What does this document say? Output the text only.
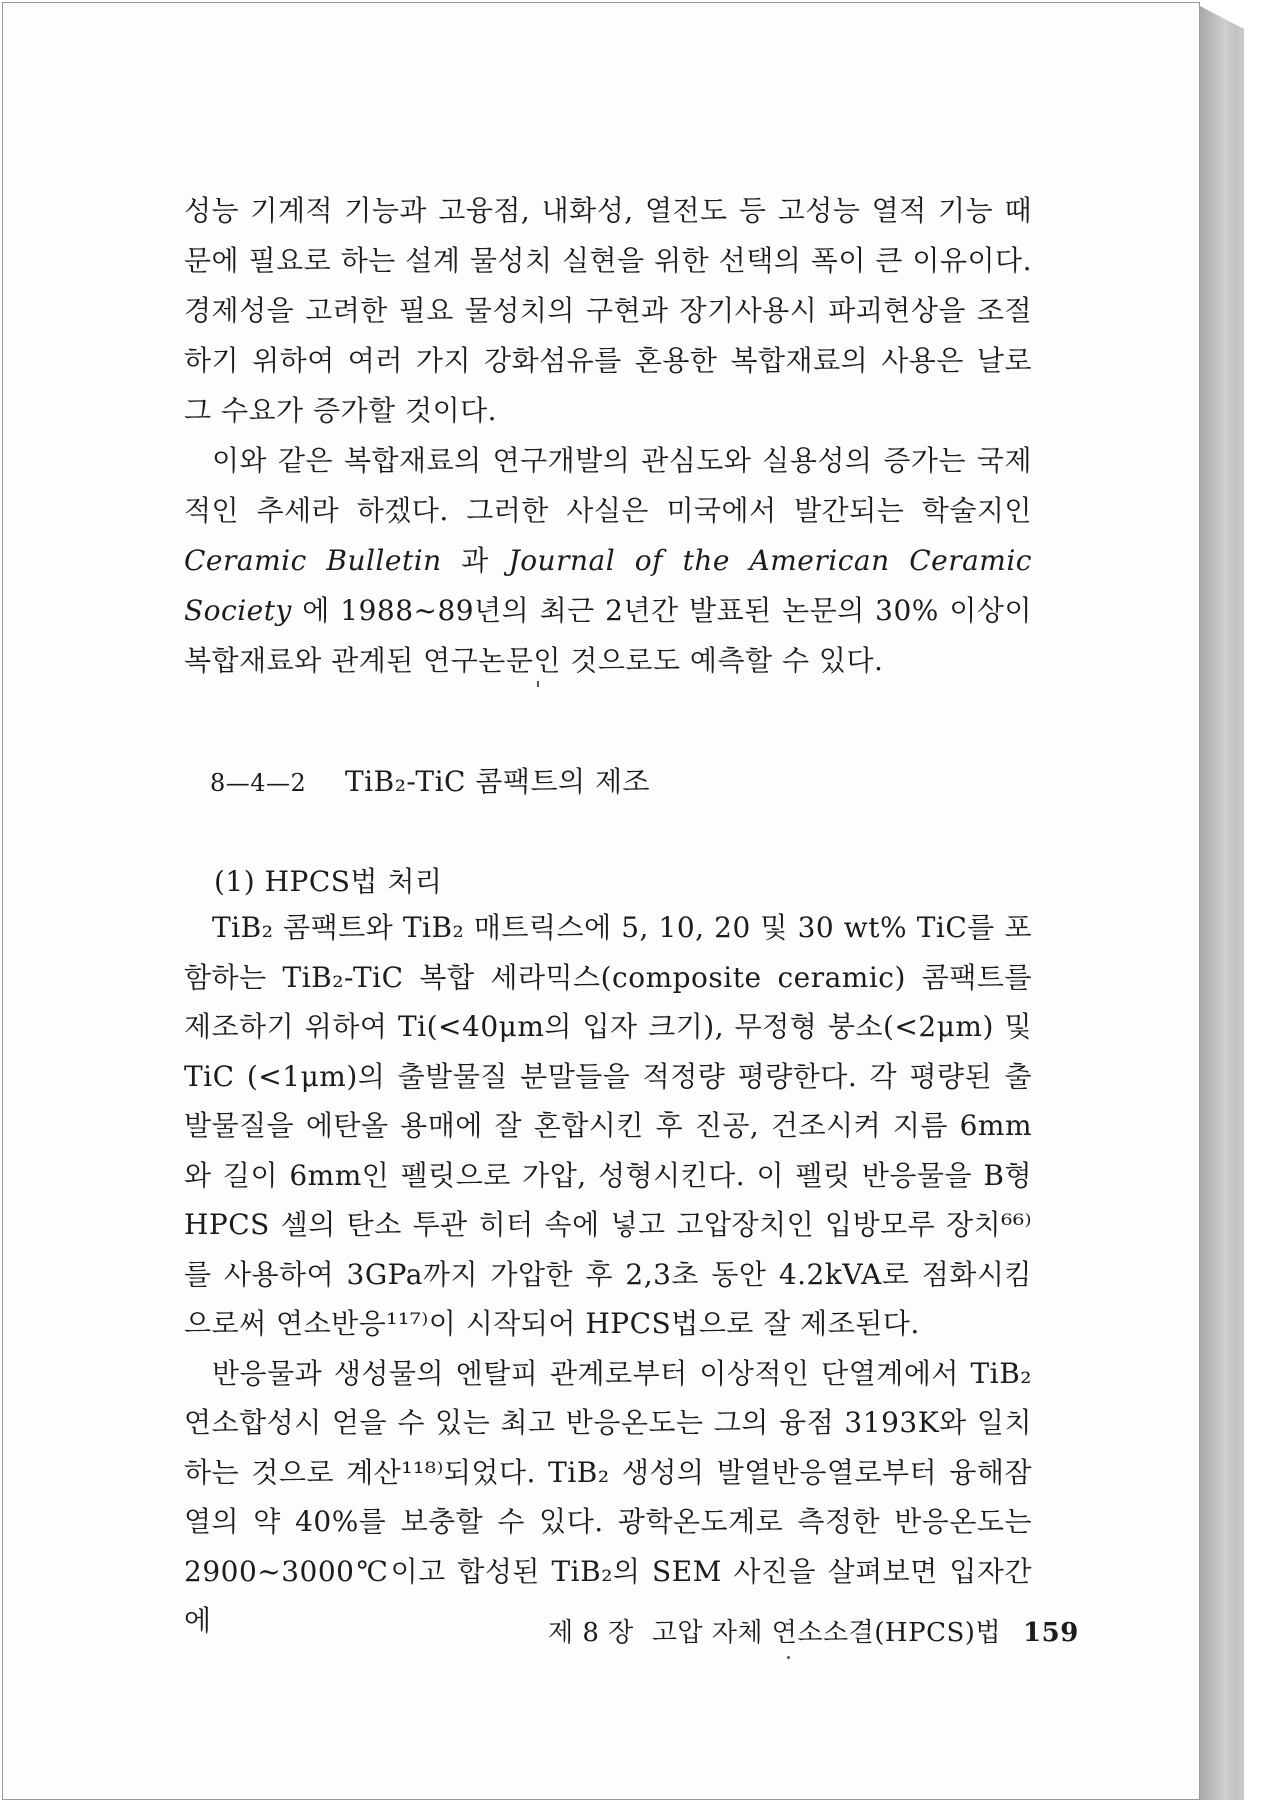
성능 기계적 기능과 고융점, 내화성, 열전도 등 고성능 열적 기능 때문에 필요로 하는 설계 물성치 실현을 위한 선택의 폭이 큰 이유이다. 경제성을 고려한 필요 물성치의 구현과 장기사용시 파괴현상을 조절하기 위하여 여러 가지 강화섬유를 혼용한 복합재료의 사용은 날로 그 수요가 증가할 것이다.

이와 같은 복합재료의 연구개발의 관심도와 실용성의 증가는 국제적인 추세라 하겠다. 그러한 사실은 미국에서 발간되는 학술지인 Ceramic Bulletin 과 Journal of the American Ceramic Society 에 1988~89년의 최근 2년간 발표된 논문의 30% 이상이 복합재료와 관계된 연구논문인 것으로도 예측할 수 있다.

8—4—2 TiB₂-TiC 콤팩트의 제조
(1) HPCS법 처리

TiB₂ 콤팩트와 TiB₂ 매트릭스에 5, 10, 20 및 30 wt% TiC를 포함하는 TiB₂-TiC 복합 세라믹스(composite ceramic) 콤팩트를 제조하기 위하여 Ti(<40μm의 입자 크기), 무정형 붕소(<2μm) 및 TiC (<1μm)의 출발물질 분말들을 적정량 평량한다. 각 평량된 출발물질을 에탄올 용매에 잘 혼합시킨 후 진공, 건조시켜 지름 6mm와 길이 6mm인 펠릿으로 가압, 성형시킨다. 이 펠릿 반응물을 B형 HPCS 셀의 탄소 투관 히터 속에 넣고 고압장치인 입방모루 장치⁶⁶⁾를 사용하여 3GPa까지 가압한 후 2,3초 동안 4.2kVA로 점화시킴으로써 연소반응¹¹⁷⁾이 시작되어 HPCS법으로 잘 제조된다.

반응물과 생성물의 엔탈피 관계로부터 이상적인 단열계에서 TiB₂ 연소합성시 얻을 수 있는 최고 반응온도는 그의 융점 3193K와 일치하는 것으로 계산¹¹⁸⁾되었다. TiB₂ 생성의 발열반응열로부터 융해잠열의 약 40%를 보충할 수 있다. 광학온도계로 측정한 반응온도는 2900~3000℃이고 합성된 TiB₂의 SEM 사진을 살펴보면 입자간에	제 8 장 고압 자체 연소소결(HPCS)법 159
